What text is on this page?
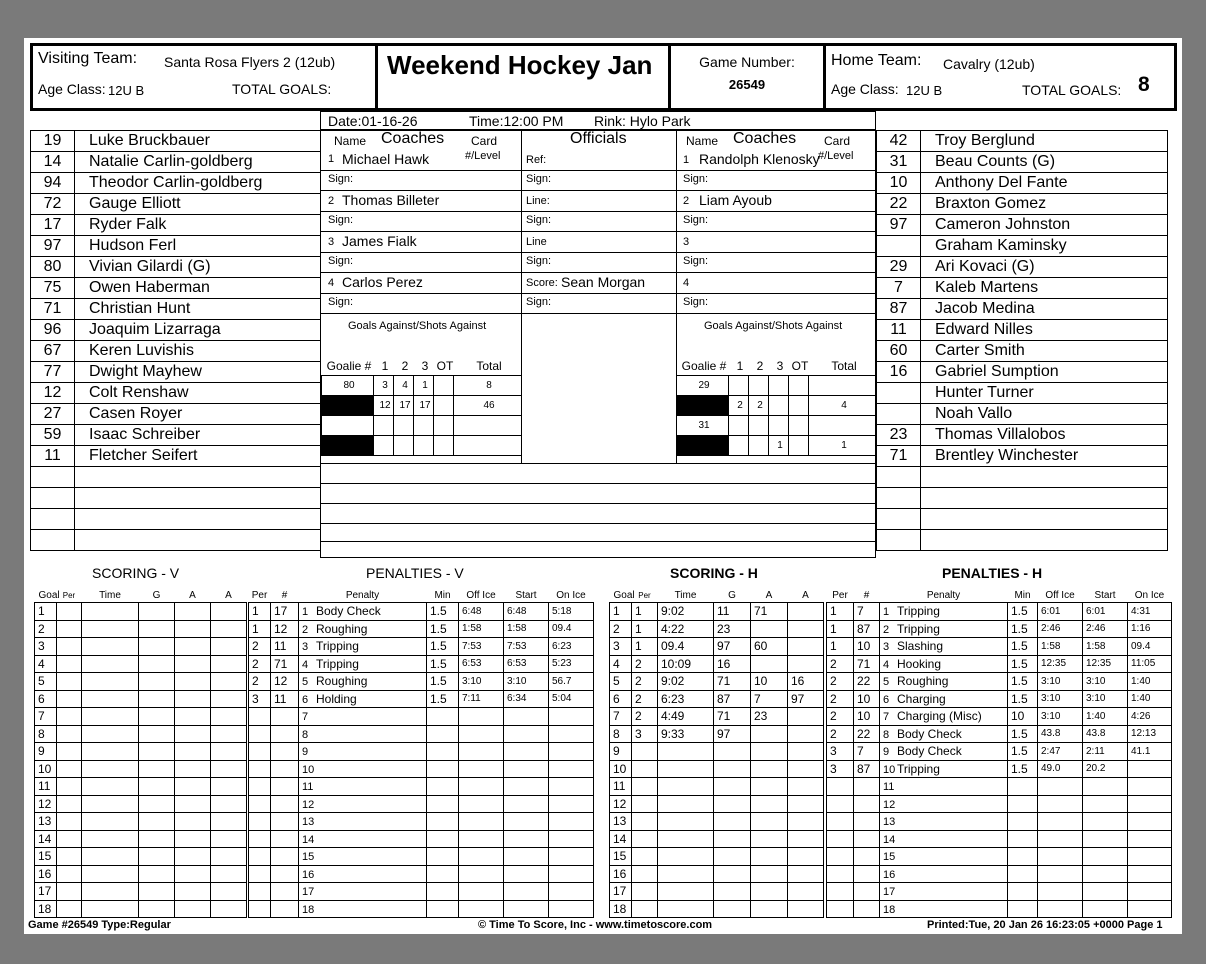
Visiting Team: Santa Rosa Flyers 2 (12ub)
Age Class: 12U B	TOTAL GOALS:
Weekend Hockey Jan	Game Number:
26549
Home Team: Cavalry (12ub)
Age Class: 12U B	TOTAL GOALS: 8
Date:01-16-26	Time:12:00 PM Rink: Hylo Park
19	Luke Bruckbauer
14	Natalie Carlin-goldberg
94	Theodor Carlin-goldberg
72	Gauge Elliott
17	Ryder Falk
97	Hudson Ferl
80	Vivian Gilardi (G)
75	Owen Haberman
71	Christian Hunt
96	Joaquim Lizarraga
67	Keren Luvishis
77	Dwight Mayhew
12	Colt Renshaw
27	Casen Royer
59	Isaac Schreiber
11	Fletcher Seifert

42	Troy Berglund
31	Beau Counts (G)
10	Anthony Del Fante
22	Braxton Gomez
97	Cameron Johnston
	Graham Kaminsky
29	Ari Kovaci (G)
7	Kaleb Martens
87	Jacob Medina
11	Edward Nilles
60	Carter Smith
16	Gabriel Sumption
	Hunter Turner
	Noah Vallo
23	Thomas Villalobos
71	Brentley Winchester

Name Coaches Card
#/Level
Officials	Name Coaches Card
#/Level
1 Michael Hawk	Ref:	1 Randolph Klenosky
Sign:	Sign:	Sign:
2 Thomas Billeter	Line:	2 Liam Ayoub
Sign:	Sign:	Sign:
3 James Fialk	Line	3
Sign:	Sign:	Sign:
4 Carlos Perez	Score: Sean Morgan	4
Sign:	Sign:	Sign:
Goals Against/Shots Against	Goals Against/Shots Against
Goalie #	1	2	3	OT	Total
80	3	4	1		8
	12	17	17		46

Goalie #	1	2	3	OT	Total
29					
	2	2			4
31					
			1		1
SCORING - V	PENALTIES - V	SCORING - H	PENALTIES - H
Goal	Per	Time	G	A	A
1					
2					
3					
4					
5					
6					
7					
8					
9					
10					
11					
12					
13					
14					
15					
16					
17					
18					
Per	#	Penalty	Min	Off Ice	Start	On Ice
1	17	1 Body Check	1.5	6:48	6:48	5:18
1	12	2 Roughing	1.5	1:58	1:58	09.4
2	11	3 Tripping	1.5	7:53	7:53	6:23
2	71	4 Tripping	1.5	6:53	6:53	5:23
2	12	5 Roughing	1.5	3:10	3:10	56.7
3	11	6 Holding	1.5	7:11	6:34	5:04
		7				
		8				
		9				
		10				
		11				
		12				
		13				
		14				
		15				
		16				
		17				
		18				
Goal	Per	Time	G	A	A
1	1	9:02	11	71	
2	1	4:22	23		
3	1	09.4	97	60	
4	2	10:09	16		
5	2	9:02	71	10	16
6	2	6:23	87	7	97
7	2	4:49	71	23	
8	3	9:33	97		
9					
10					
11					
12					
13					
14					
15					
16					
17					
18					
Per	#	Penalty	Min	Off Ice	Start	On Ice
1	7	1 Tripping	1.5	6:01	6:01	4:31
1	87	2 Tripping	1.5	2:46	2:46	1:16
1	10	3 Slashing	1.5	1:58	1:58	09.4
2	71	4 Hooking	1.5	12:35	12:35	11:05
2	22	5 Roughing	1.5	3:10	3:10	1:40
2	10	6 Charging	1.5	3:10	3:10	1:40
2	10	7 Charging (Misc)	10	3:10	1:40	4:26
2	22	8 Body Check	1.5	43.8	43.8	12:13
3	7	9 Body Check	1.5	2:47	2:11	41.1
3	87	10 Tripping	1.5	49.0	20.2	
		11				
		12				
		13				
		14				
		15				
		16				
		17				
		18				
Game #26549 Type:Regular	© Time To Score, Inc - www.timetoscore.com	Printed:Tue, 20 Jan 26 16:23:05 +0000 Page 1
